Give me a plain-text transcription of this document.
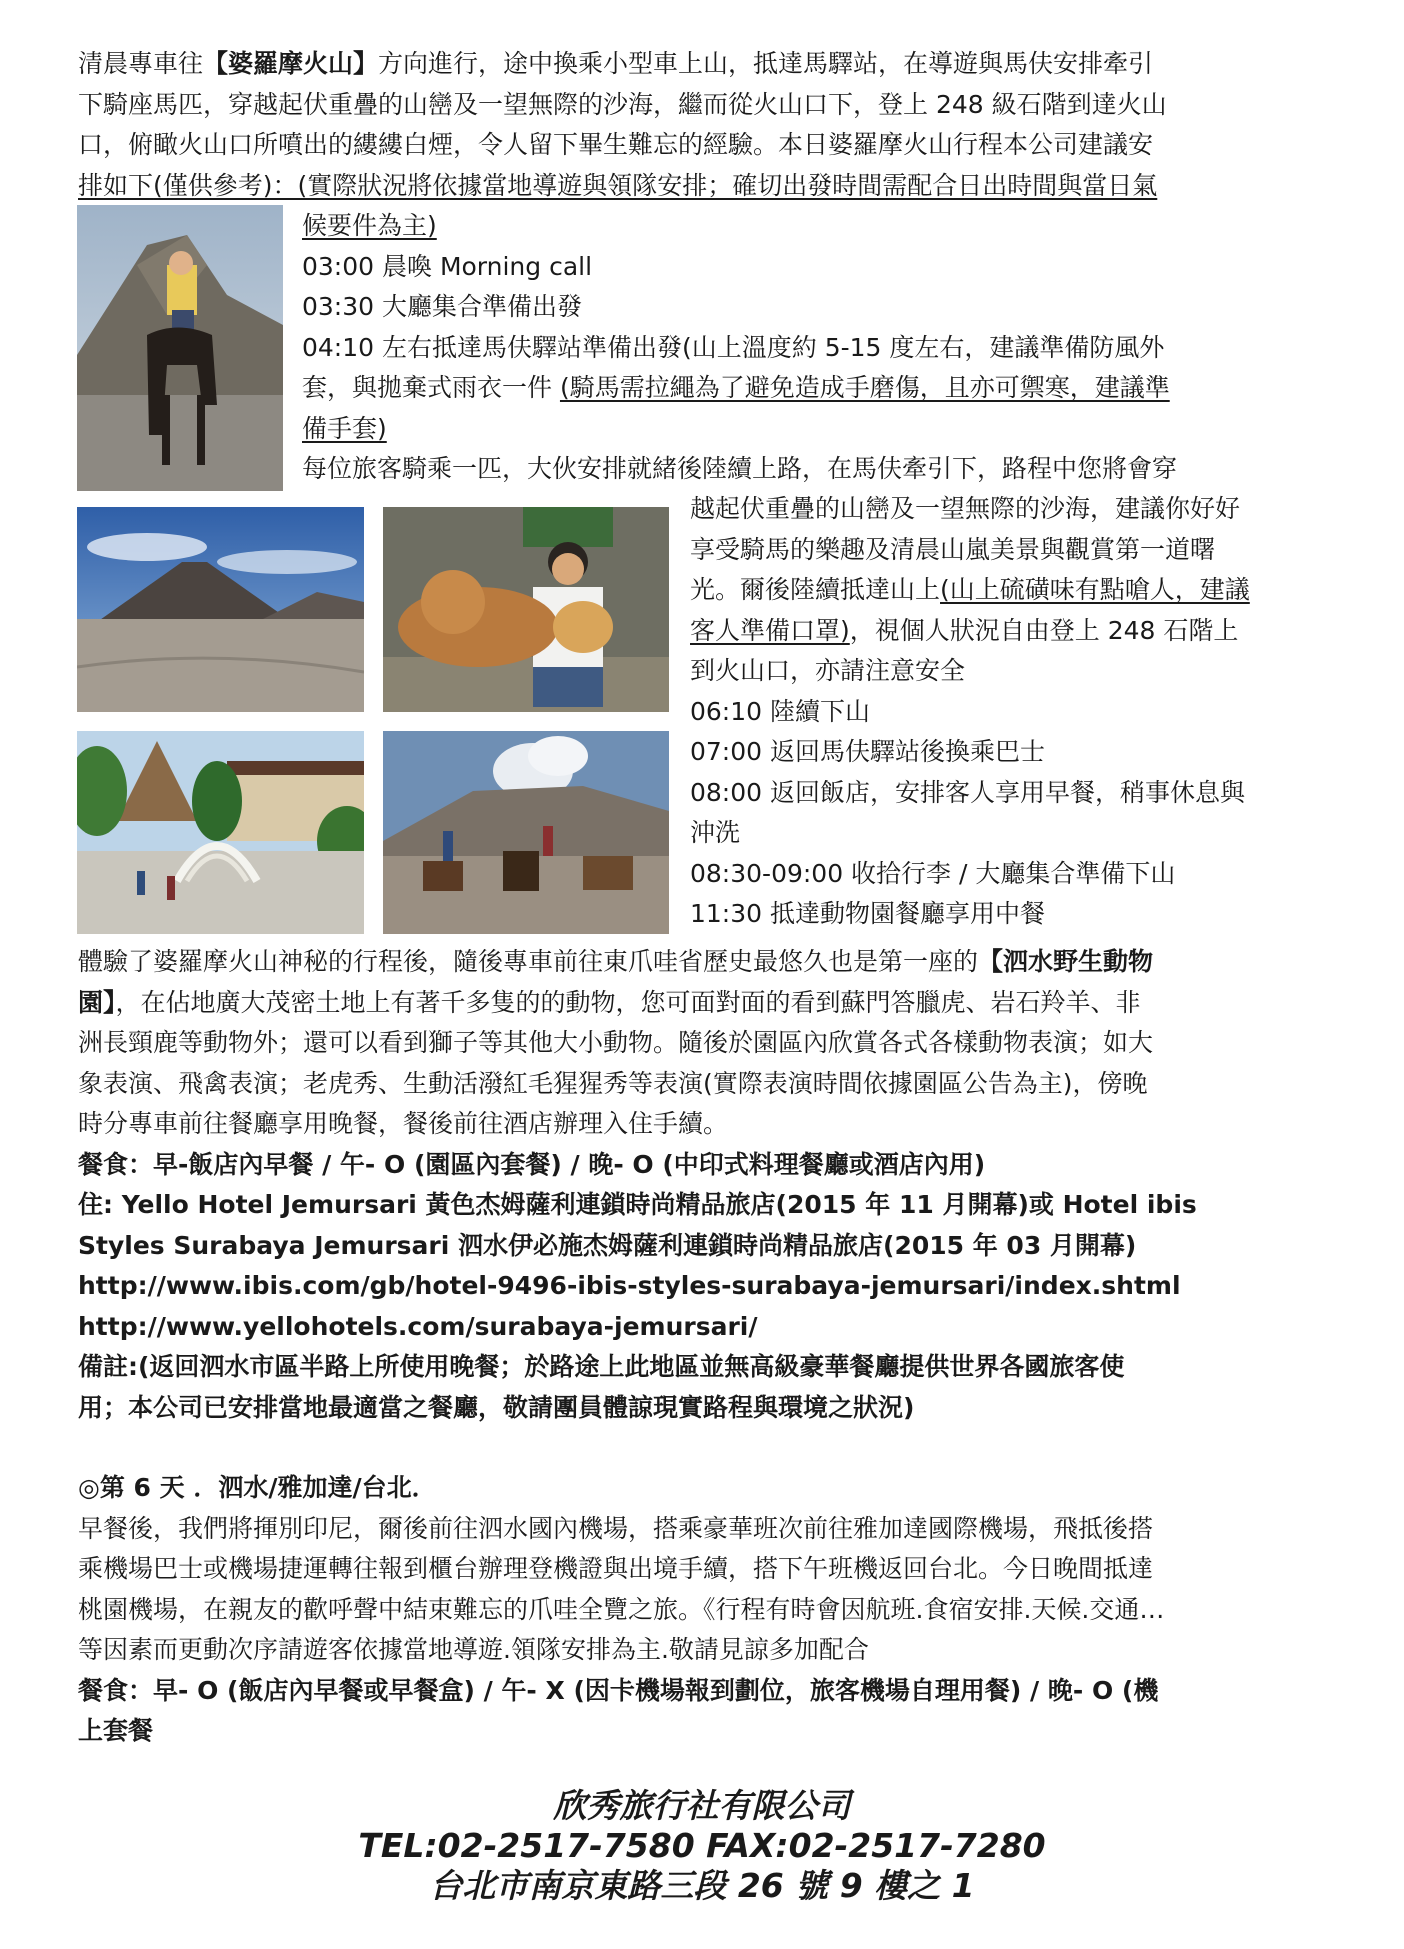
清晨專車往【婆羅摩火山】方向進行，途中換乘小型車上山，抵達馬驛站，在導遊與馬伕安排牽引
下騎座馬匹，穿越起伏重疊的山巒及一望無際的沙海，繼而從火山口下，登上 248 級石階到達火山
口，俯瞰火山口所噴出的縷縷白煙，令人留下畢生難忘的經驗。本日婆羅摩火山行程本公司建議安
排如下(僅供參考)：(實際狀況將依據當地導遊與領隊安排；確切出發時間需配合日出時間與當日氣
候要件為主)
03:00 晨喚 Morning call
03:30 大廳集合準備出發
04:10 左右抵達馬伕驛站準備出發(山上溫度約 5-15 度左右，建議準備防風外
套，與拋棄式雨衣一件 (騎馬需拉繩為了避免造成手磨傷，且亦可禦寒，建議準
備手套)
每位旅客騎乘一匹，大伙安排就緒後陸續上路，在馬伕牽引下，路程中您將會穿
越起伏重疊的山巒及一望無際的沙海，建議你好好
享受騎馬的樂趣及清晨山嵐美景與觀賞第一道曙
光。爾後陸續抵達山上(山上硫磺味有點嗆人，建議
客人準備口罩)，視個人狀況自由登上 248 石階上
到火山口，亦請注意安全
06:10 陸續下山
07:00 返回馬伕驛站後換乘巴士
08:00 返回飯店，安排客人享用早餐，稍事休息與
沖洗
08:30-09:00 收拾行李 / 大廳集合準備下山
11:30 抵達動物園餐廳享用中餐
體驗了婆羅摩火山神秘的行程後，隨後專車前往東爪哇省歷史最悠久也是第一座的【泗水野生動物
園】，在佔地廣大茂密土地上有著千多隻的的動物，您可面對面的看到蘇門答臘虎、岩石羚羊、非
洲長頸鹿等動物外；還可以看到獅子等其他大小動物。隨後於園區內欣賞各式各樣動物表演；如大
象表演、飛禽表演；老虎秀、生動活潑紅毛猩猩秀等表演(實際表演時間依據園區公告為主)，傍晚
時分專車前往餐廳享用晚餐，餐後前往酒店辦理入住手續。
餐食：早-飯店內早餐 / 午- O (園區內套餐) / 晚- O (中印式料理餐廳或酒店內用)
住: Yello Hotel Jemursari 黃色杰姆薩利連鎖時尚精品旅店(2015 年 11 月開幕)或 Hotel ibis
Styles Surabaya Jemursari 泗水伊必施杰姆薩利連鎖時尚精品旅店(2015 年 03 月開幕)
http://www.ibis.com/gb/hotel-9496-ibis-styles-surabaya-jemursari/index.shtml
http://www.yellohotels.com/surabaya-jemursari/
備註:(返回泗水市區半路上所使用晚餐；於路途上此地區並無高級豪華餐廳提供世界各國旅客使
用；本公司已安排當地最適當之餐廳，敬請團員體諒現實路程與環境之狀況)
◎第 6 天 ．泗水/雅加達/台北．
早餐後，我們將揮別印尼，爾後前往泗水國內機場，搭乘豪華班次前往雅加達國際機場，飛抵後搭
乘機場巴士或機場捷運轉往報到櫃台辦理登機證與出境手續，搭下午班機返回台北。今日晚間抵達
桃園機場，在親友的歡呼聲中結束難忘的爪哇全覽之旅。《行程有時會因航班.食宿安排.天候.交通…
等因素而更動次序請遊客依據當地導遊.領隊安排為主.敬請見諒多加配合
餐食：早- O (飯店內早餐或早餐盒) / 午- X (因卡機場報到劃位，旅客機場自理用餐) / 晚- O (機
上套餐
欣秀旅行社有限公司
TEL:02-2517-7580 FAX:02-2517-7280
台北市南京東路三段 26 號 9 樓之 1
